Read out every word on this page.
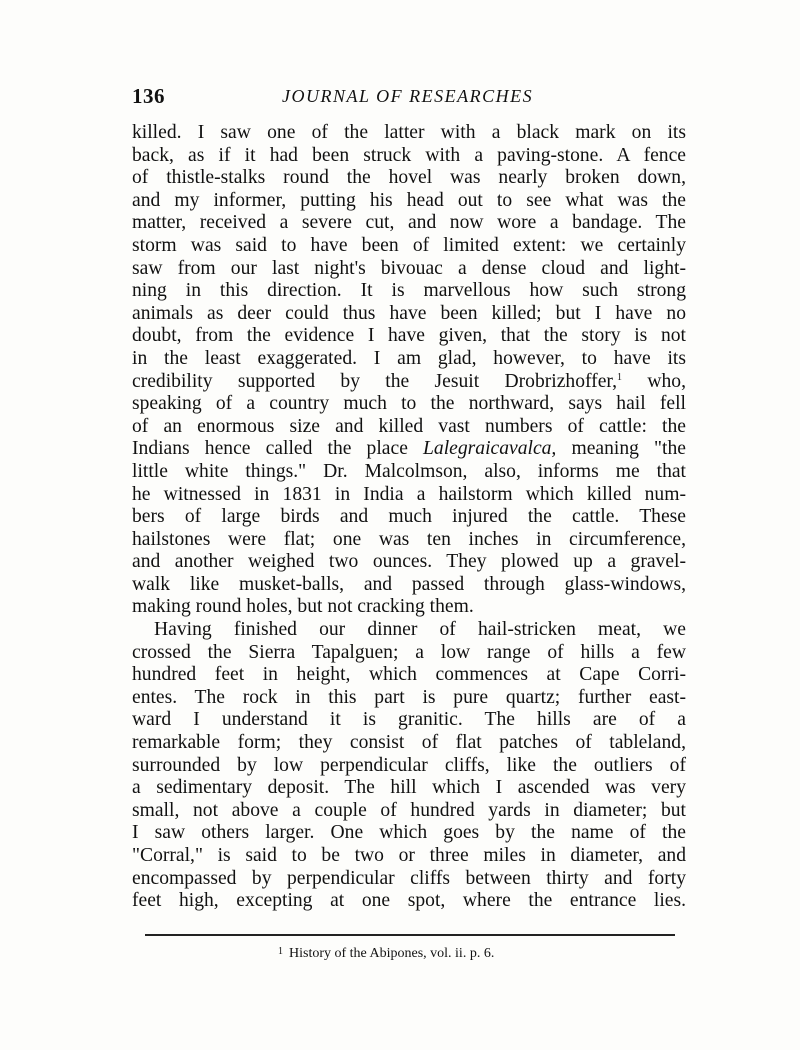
136	JOURNAL OF RESEARCHES
killed. I saw one of the latter with a black mark on its
back, as if it had been struck with a paving-stone. A fence
of thistle-stalks round the hovel was nearly broken down,
and my informer, putting his head out to see what was the
matter, received a severe cut, and now wore a bandage. The
storm was said to have been of limited extent: we certainly
saw from our last night's bivouac a dense cloud and light-
ning in this direction. It is marvellous how such strong
animals as deer could thus have been killed; but I have no
doubt, from the evidence I have given, that the story is not
in the least exaggerated. I am glad, however, to have its
credibility supported by the Jesuit Drobrizhoffer,$^1$ who,
speaking of a country much to the northward, says hail fell
of an enormous size and killed vast numbers of cattle: the
Indians hence called the place Lalegraicavalca, meaning "the
little white things." Dr. Malcolmson, also, informs me that
he witnessed in 1831 in India a hailstorm which killed num-
bers of large birds and much injured the cattle. These
hailstones were flat; one was ten inches in circumference,
and another weighed two ounces. They plowed up a gravel-
walk like musket-balls, and passed through glass-windows,
making round holes, but not cracking them.
Having finished our dinner of hail-stricken meat, we
crossed the Sierra Tapalguen; a low range of hills a few
hundred feet in height, which commences at Cape Corri-
entes. The rock in this part is pure quartz; further east-
ward I understand it is granitic. The hills are of a
remarkable form; they consist of flat patches of tableland,
surrounded by low perpendicular cliffs, like the outliers of
a sedimentary deposit. The hill which I ascended was very
small, not above a couple of hundred yards in diameter; but
I saw others larger. One which goes by the name of the
"Corral," is said to be two or three miles in diameter, and
encompassed by perpendicular cliffs between thirty and forty
feet high, excepting at one spot, where the entrance lies.
$^1$ History of the Abipones, vol. ii. p. 6.
